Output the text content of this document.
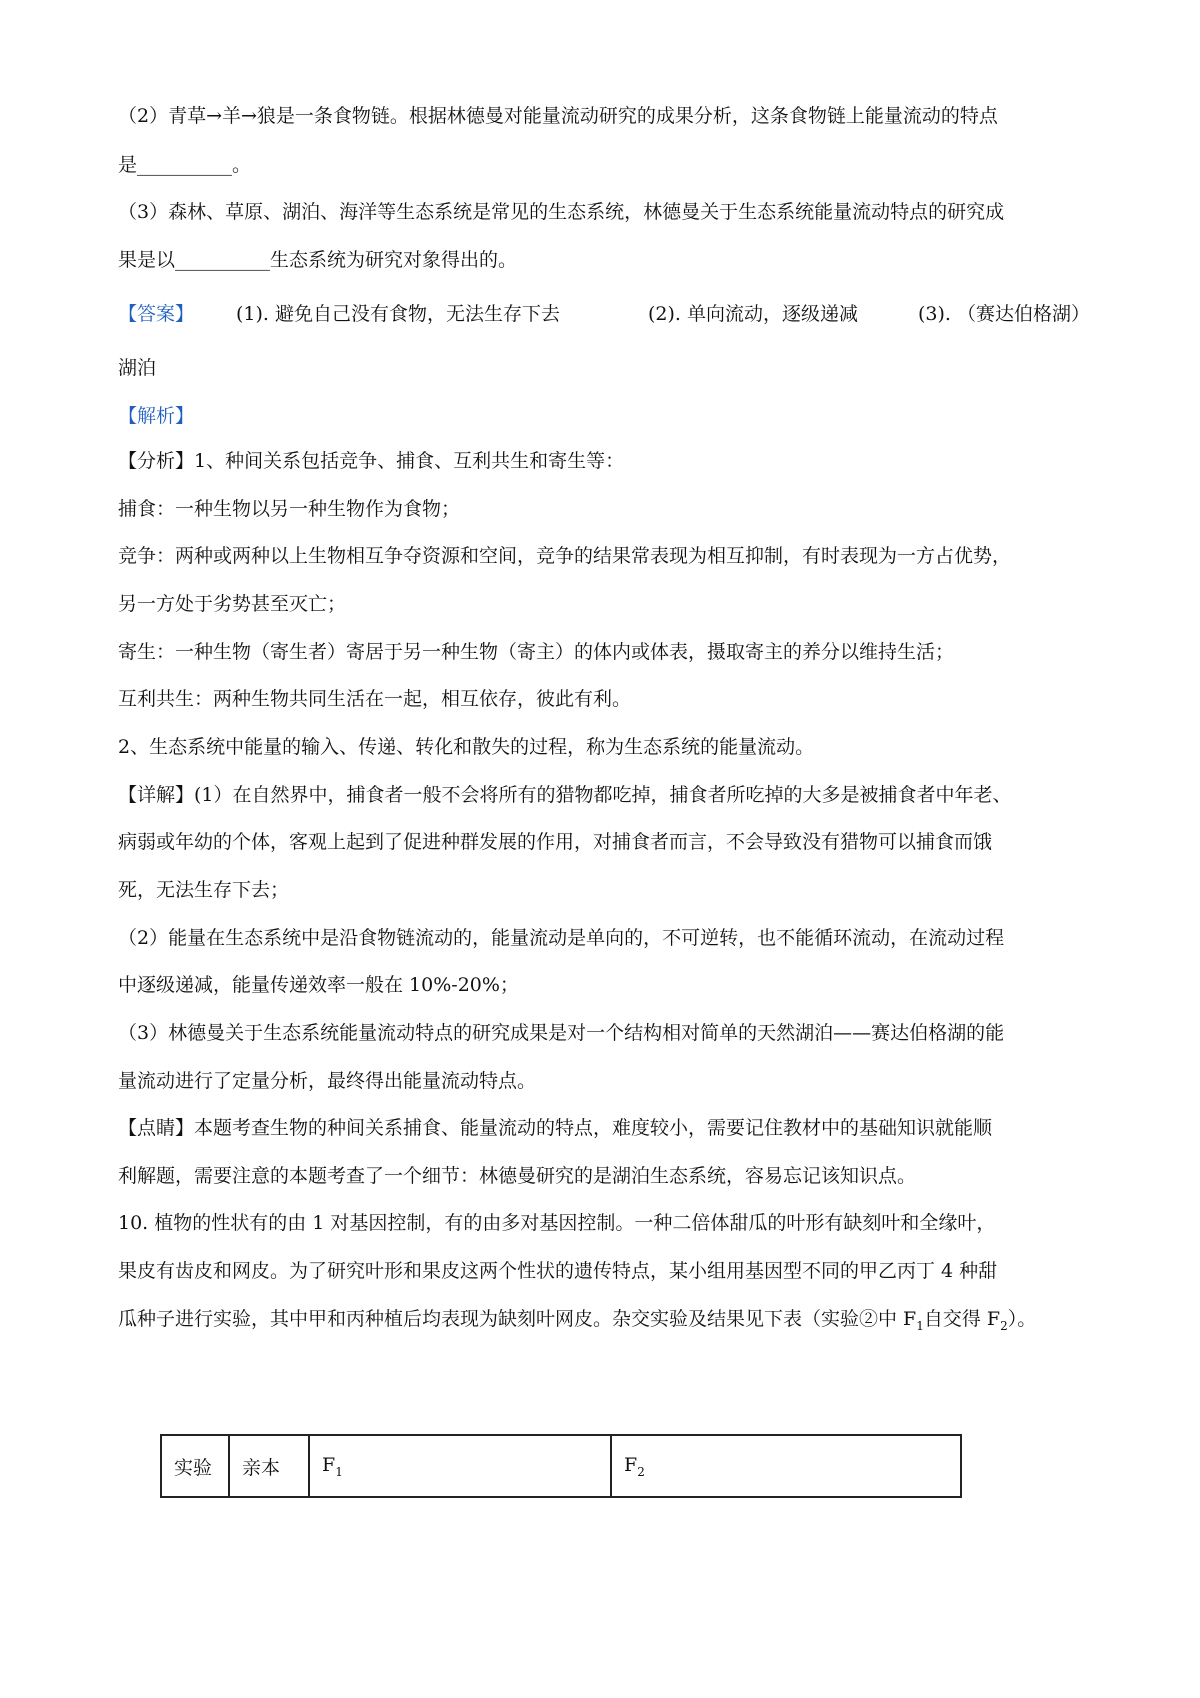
（2）青草→羊→狼是一条食物链。根据林德曼对能量流动研究的成果分析，这条食物链上能量流动的特点
是__________。
（3）森林、草原、湖泊、海洋等生态系统是常见的生态系统，林德曼关于生态系统能量流动特点的研究成
果是以__________生态系统为研究对象得出的。
【答案】 (1). 避免自己没有食物，无法生存下去	(2). 单向流动，逐级递减	(3). （赛达伯格湖）
湖泊
【解析】
【分析】1、种间关系包括竞争、捕食、互利共生和寄生等：
捕食：一种生物以另一种生物作为食物；
竞争：两种或两种以上生物相互争夺资源和空间，竞争的结果常表现为相互抑制，有时表现为一方占优势，
另一方处于劣势甚至灭亡；
寄生：一种生物（寄生者）寄居于另一种生物（寄主）的体内或体表，摄取寄主的养分以维持生活；
互利共生：两种生物共同生活在一起，相互依存，彼此有利。
2、生态系统中能量的输入、传递、转化和散失的过程，称为生态系统的能量流动。
【详解】(1）在自然界中，捕食者一般不会将所有的猎物都吃掉，捕食者所吃掉的大多是被捕食者中年老、
病弱或年幼的个体，客观上起到了促进种群发展的作用，对捕食者而言，不会导致没有猎物可以捕食而饿
死，无法生存下去；
（2）能量在生态系统中是沿食物链流动的，能量流动是单向的，不可逆转，也不能循环流动，在流动过程
中逐级递减，能量传递效率一般在 10%-20%；
（3）林德曼关于生态系统能量流动特点的研究成果是对一个结构相对简单的天然湖泊——赛达伯格湖的能
量流动进行了定量分析，最终得出能量流动特点。
【点睛】本题考查生物的种间关系捕食、能量流动的特点，难度较小，需要记住教材中的基础知识就能顺
利解题，需要注意的本题考查了一个细节：林德曼研究的是湖泊生态系统，容易忘记该知识点。
10. 植物的性状有的由 1 对基因控制，有的由多对基因控制。一种二倍体甜瓜的叶形有缺刻叶和全缘叶，
果皮有齿皮和网皮。为了研究叶形和果皮这两个性状的遗传特点，某小组用基因型不同的甲乙丙丁 4 种甜
瓜种子进行实验，其中甲和丙种植后均表现为缺刻叶网皮。杂交实验及结果见下表（实验②中 $F_1$自交得 $F_2$）。
实验	亲本	$F_1$	$F_2$
